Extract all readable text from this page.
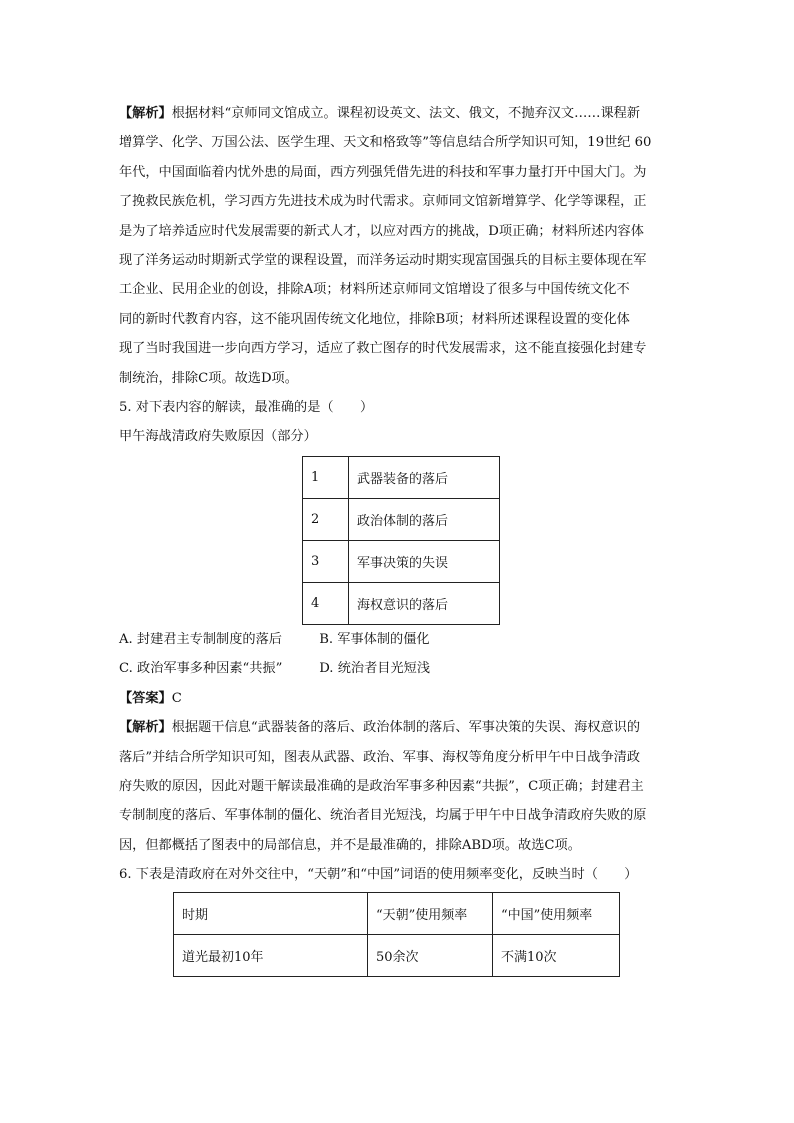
【解析】根据材料“京师同文馆成立。课程初设英文、法文、俄文，不抛弃汉文……课程新
增算学、化学、万国公法、医学生理、天文和格致等”等信息结合所学知识可知，19世纪 60
年代，中国面临着内忧外患的局面，西方列强凭借先进的科技和军事力量打开中国大门。为
了挽救民族危机，学习西方先进技术成为时代需求。京师同文馆新增算学、化学等课程，正
是为了培养适应时代发展需要的新式人才，以应对西方的挑战，D项正确；材料所述内容体
现了洋务运动时期新式学堂的课程设置，而洋务运动时期实现富国强兵的目标主要体现在军
工企业、民用企业的创设，排除A项；材料所述京师同文馆增设了很多与中国传统文化不
同的新时代教育内容，这不能巩固传统文化地位，排除B项；材料所述课程设置的变化体
现了当时我国进一步向西方学习，适应了救亡图存的时代发展需求，这不能直接强化封建专
制统治，排除C项。故选D项。

5. 对下表内容的解读，最准确的是（　　）

甲午海战清政府失败原因（部分）

1	武器装备的落后
2	政治体制的落后
3	军事决策的失误
4	海权意识的落后
A. 封建君主专制制度的落后	B. 军事体制的僵化
C. 政治军事多种因素“共振”	D. 统治者目光短浅

【答案】C

【解析】根据题干信息“武器装备的落后、政治体制的落后、军事决策的失误、海权意识的
落后”并结合所学知识可知，图表从武器、政治、军事、海权等角度分析甲午中日战争清政
府失败的原因，因此对题干解读最准确的是政治军事多种因素“共振”，C项正确；封建君主
专制制度的落后、军事体制的僵化、统治者目光短浅，均属于甲午中日战争清政府失败的原
因，但都概括了图表中的局部信息，并不是最准确的，排除ABD项。故选C项。

6. 下表是清政府在对外交往中，“天朝”和“中国”词语的使用频率变化，反映当时（　　）

时期	“天朝”使用频率	“中国”使用频率
道光最初10年	50余次	不满10次
